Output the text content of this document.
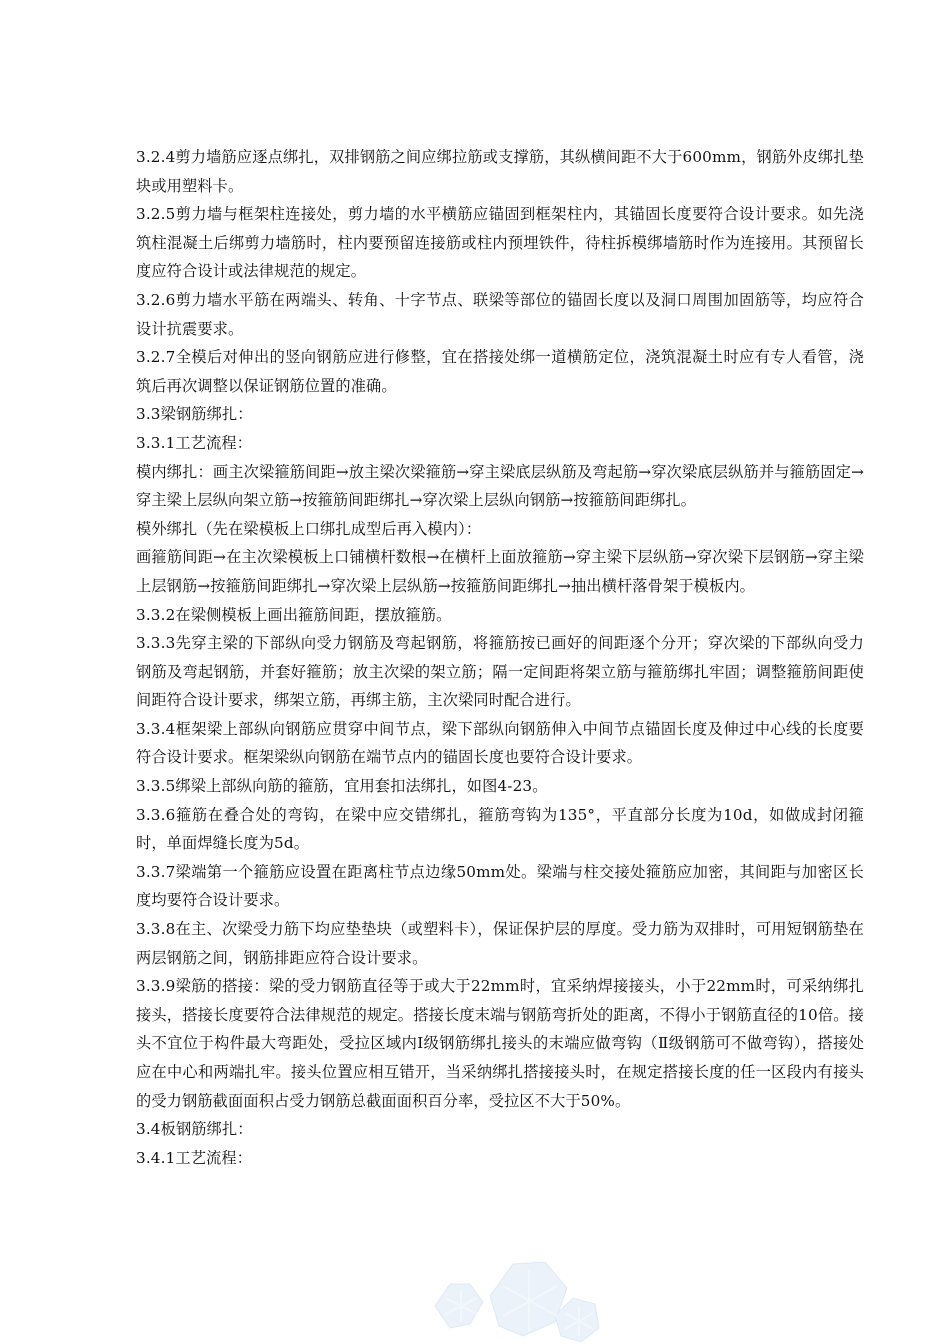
3.2.4剪力墙筋应逐点绑扎，双排钢筋之间应绑拉筋或支撑筋，其纵横间距不大于600mm，钢筋外皮绑扎垫块或用塑料卡。

3.2.5剪力墙与框架柱连接处，剪力墙的水平横筋应锚固到框架柱内，其锚固长度要符合设计要求。如先浇筑柱混凝土后绑剪力墙筋时，柱内要预留连接筋或柱内预埋铁件，待柱拆模绑墙筋时作为连接用。其预留长度应符合设计或法律规范的规定。

3.2.6剪力墙水平筋在两端头、转角、十字节点、联梁等部位的锚固长度以及洞口周围加固筋等，均应符合设计抗震要求。

3.2.7全模后对伸出的竖向钢筋应进行修整，宜在搭接处绑一道横筋定位，浇筑混凝土时应有专人看管，浇筑后再次调整以保证钢筋位置的准确。

3.3梁钢筋绑扎：

3.3.1工艺流程：

模内绑扎：画主次梁箍筋间距→放主梁次梁箍筋→穿主梁底层纵筋及弯起筋→穿次梁底层纵筋并与箍筋固定→穿主梁上层纵向架立筋→按箍筋间距绑扎→穿次梁上层纵向钢筋→按箍筋间距绑扎。

模外绑扎（先在梁模板上口绑扎成型后再入模内）：

画箍筋间距→在主次梁模板上口铺横杆数根→在横杆上面放箍筋→穿主梁下层纵筋→穿次梁下层钢筋→穿主梁上层钢筋→按箍筋间距绑扎→穿次梁上层纵筋→按箍筋间距绑扎→抽出横杆落骨架于模板内。

3.3.2在梁侧模板上画出箍筋间距，摆放箍筋。

3.3.3先穿主梁的下部纵向受力钢筋及弯起钢筋，将箍筋按已画好的间距逐个分开；穿次梁的下部纵向受力钢筋及弯起钢筋，并套好箍筋；放主次梁的架立筋；隔一定间距将架立筋与箍筋绑扎牢固；调整箍筋间距使间距符合设计要求，绑架立筋，再绑主筋，主次梁同时配合进行。

3.3.4框架梁上部纵向钢筋应贯穿中间节点，梁下部纵向钢筋伸入中间节点锚固长度及伸过中心线的长度要符合设计要求。框架梁纵向钢筋在端节点内的锚固长度也要符合设计要求。

3.3.5绑梁上部纵向筋的箍筋，宜用套扣法绑扎，如图4-23。

3.3.6箍筋在叠合处的弯钩，在梁中应交错绑扎，箍筋弯钩为135°，平直部分长度为10d，如做成封闭箍时，单面焊缝长度为5d。

3.3.7梁端第一个箍筋应设置在距离柱节点边缘50mm处。梁端与柱交接处箍筋应加密，其间距与加密区长度均要符合设计要求。

3.3.8在主、次梁受力筋下均应垫垫块（或塑料卡），保证保护层的厚度。受力筋为双排时，可用短钢筋垫在两层钢筋之间，钢筋排距应符合设计要求。

3.3.9梁筋的搭接：梁的受力钢筋直径等于或大于22mm时，宜采纳焊接接头，小于22mm时，可采纳绑扎接头，搭接长度要符合法律规范的规定。搭接长度末端与钢筋弯折处的距离，不得小于钢筋直径的10倍。接头不宜位于构件最大弯距处，受拉区域内Ⅰ级钢筋绑扎接头的末端应做弯钩（Ⅱ级钢筋可不做弯钩），搭接处应在中心和两端扎牢。接头位置应相互错开，当采纳绑扎搭接接头时，在规定搭接长度的任一区段内有接头的受力钢筋截面面积占受力钢筋总截面面积百分率，受拉区不大于50%。

3.4板钢筋绑扎：

3.4.1工艺流程：
